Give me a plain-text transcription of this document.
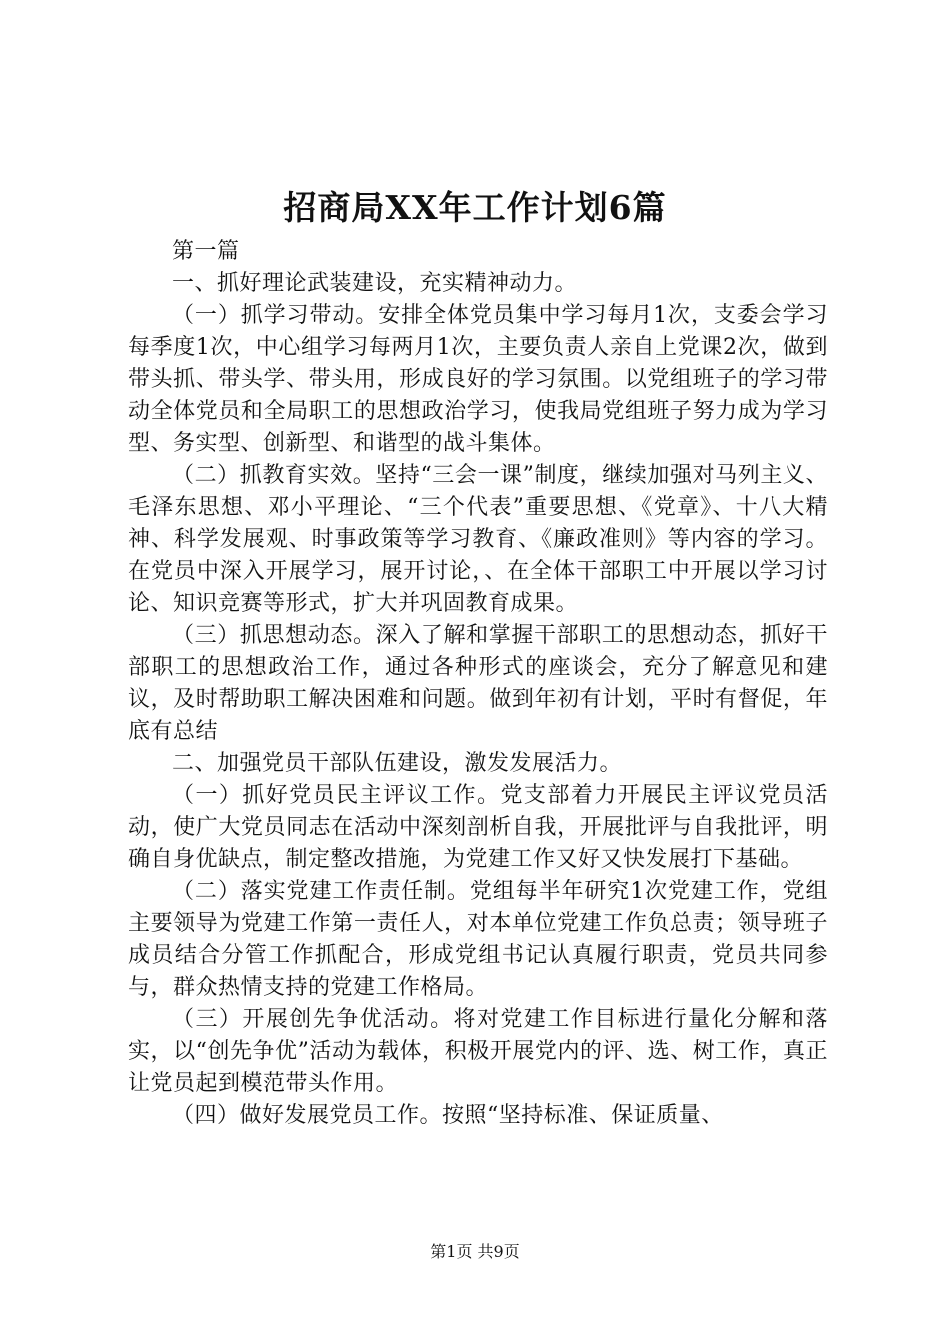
招商局XX年工作计划6篇

第一篇

一、抓好理论武装建设，充实精神动力。

（一）抓学习带动。安排全体党员集中学习每月1次，支委会学习每季度1次，中心组学习每两月1次，主要负责人亲自上党课2次，做到带头抓、带头学、带头用，形成良好的学习氛围。以党组班子的学习带动全体党员和全局职工的思想政治学习，使我局党组班子努力成为学习型、务实型、创新型、和谐型的战斗集体。

（二）抓教育实效。坚持“三会一课”制度，继续加强对马列主义、毛泽东思想、邓小平理论、“三个代表”重要思想、《党章》、十八大精神、科学发展观、时事政策等学习教育、《廉政准则》等内容的学习。在党员中深入开展学习，展开讨论，、在全体干部职工中开展以学习讨论、知识竞赛等形式，扩大并巩固教育成果。

（三）抓思想动态。深入了解和掌握干部职工的思想动态，抓好干部职工的思想政治工作，通过各种形式的座谈会，充分了解意见和建议，及时帮助职工解决困难和问题。做到年初有计划，平时有督促，年底有总结

二、加强党员干部队伍建设，激发发展活力。

（一）抓好党员民主评议工作。党支部着力开展民主评议党员活动，使广大党员同志在活动中深刻剖析自我，开展批评与自我批评，明确自身优缺点，制定整改措施，为党建工作又好又快发展打下基础。

（二）落实党建工作责任制。党组每半年研究1次党建工作，党组主要领导为党建工作第一责任人，对本单位党建工作负总责；领导班子成员结合分管工作抓配合，形成党组书记认真履行职责，党员共同参与，群众热情支持的党建工作格局。

（三）开展创先争优活动。将对党建工作目标进行量化分解和落实，以“创先争优”活动为载体，积极开展党内的评、选、树工作，真正让党员起到模范带头作用。

（四）做好发展党员工作。按照“坚持标准、保证质量、

第1页 共9页
